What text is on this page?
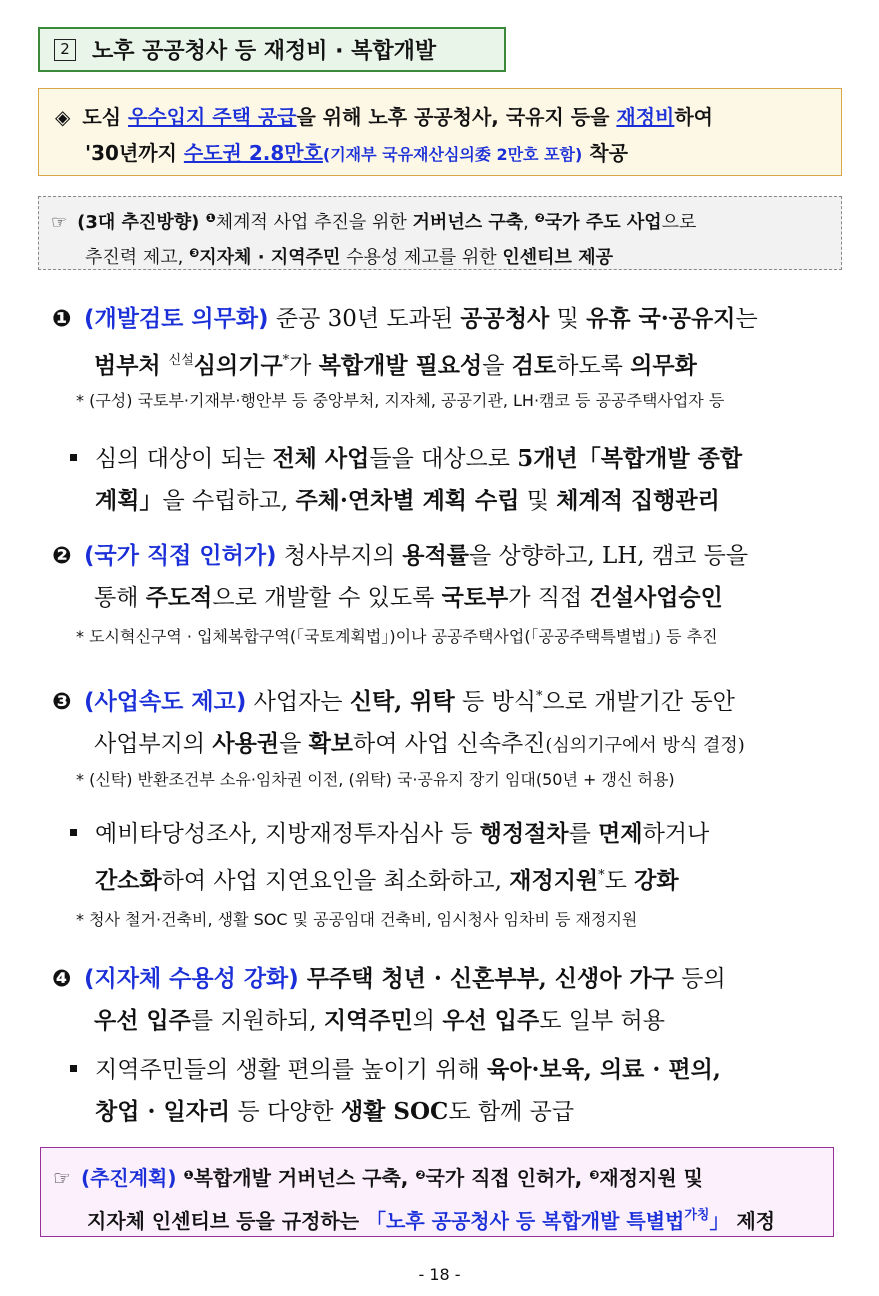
2 노후 공공청사 등 재정비 · 복합개발
◈ 도심 우수입지 주택 공급을 위해 노후 공공청사, 국유지 등을 재정비하여
'30년까지 수도권 2.8만호(기재부 국유재산심의委 2만호 포함) 착공
☞ (3대 추진방향) $^❶$체계적 사업 추진을 위한 거버넌스 구축, $^❷$국가 주도 사업으로
추진력 제고, $^❸$지자체 · 지역주민 수용성 제고를 위한 인센티브 제공
❶ (개발검토 의무화) 준공 30년 도과된 공공청사 및 유휴 국·공유지는
범부처 $^{신설}$심의기구*가 복합개발 필요성을 검토하도록 의무화
❷ (국가 직접 인허가) 청사부지의 용적률을 상향하고, LH, 캠코 등을
통해 주도적으로 개발할 수 있도록 국토부가 직접 건설사업승인
❸ (사업속도 제고) 사업자는 신탁, 위탁 등 방식*으로 개발기간 동안
사업부지의 사용권을 확보하여 사업 신속추진(심의기구에서 방식 결정)
❹ (지자체 수용성 강화) 무주택 청년 · 신혼부부, 신생아 가구 등의
우선 입주를 지원하되, 지역주민의 우선 입주도 일부 허용
심의 대상이 되는 전체 사업들을 대상으로 5개년「복합개발 종합
계획」을 수립하고, 주체·연차별 계획 수립 및 체계적 집행관리
예비타당성조사, 지방재정투자심사 등 행정절차를 면제하거나
간소화하여 사업 지연요인을 최소화하고, 재정지원*도 강화
지역주민들의 생활 편의를 높이기 위해 육아·보육, 의료 · 편의,
창업 · 일자리 등 다양한 생활 SOC도 함께 공급
* (구성) 국토부·기재부·행안부 등 중앙부처, 지자체, 공공기관, LH·캠코 등 공공주택사업자 등
* 도시혁신구역 · 입체복합구역(「국토계획법」)이나 공공주택사업(「공공주택특별법」) 등 추진
* (신탁) 반환조건부 소유·임차권 이전, (위탁) 국·공유지 장기 임대(50년 + 갱신 허용)
* 청사 철거·건축비, 생활 SOC 및 공공임대 건축비, 임시청사 임차비 등 재정지원
☞ (추진계획) $^❶$복합개발 거버넌스 구축, $^❷$국가 직접 인허가, $^❸$재정지원 및
지자체 인센티브 등을 규정하는 「노후 공공청사 등 복합개발 특별법$^{가칭}$」 제정
- 18 -
